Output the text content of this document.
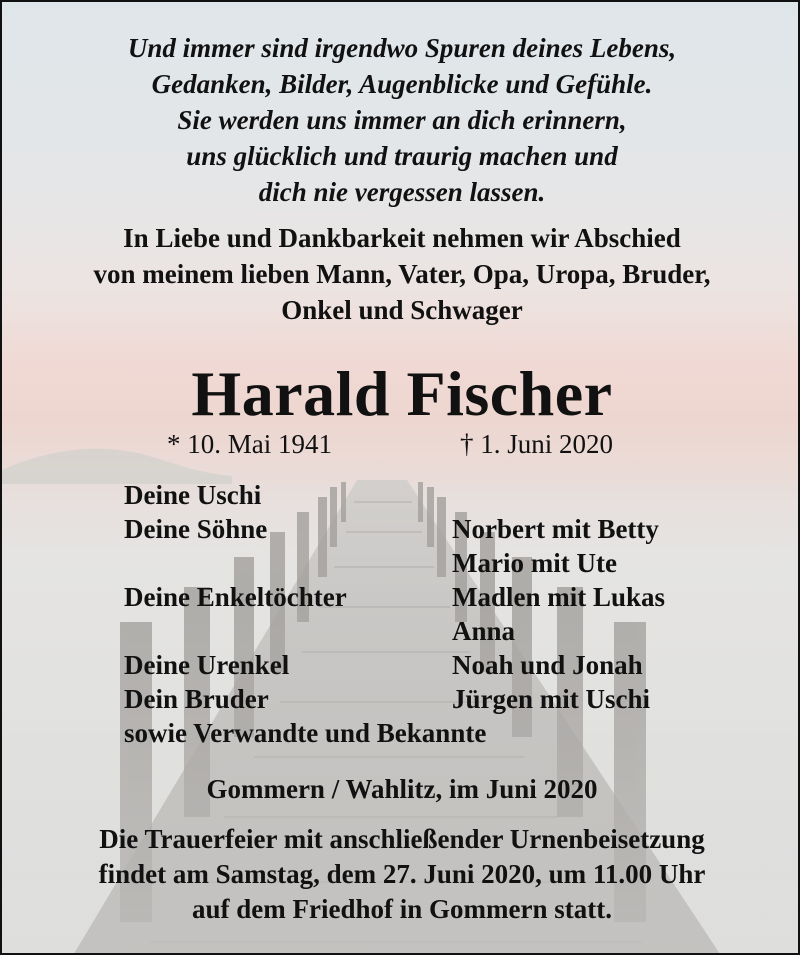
Und immer sind irgendwo Spuren deines Lebens,
Gedanken, Bilder, Augenblicke und Gefühle.
Sie werden uns immer an dich erinnern,
uns glücklich und traurig machen und
dich nie vergessen lassen.
In Liebe und Dankbarkeit nehmen wir Abschied
von meinem lieben Mann, Vater, Opa, Uropa, Bruder,
Onkel und Schwager
Harald Fischer
* 10. Mai 1941	† 1. Juni 2020
Deine Uschi
Deine Söhne	Norbert mit Betty
Mario mit Ute
Deine Enkeltöchter	Madlen mit Lukas
Anna
Deine Urenkel	Noah und Jonah
Dein Bruder	Jürgen mit Uschi
sowie Verwandte und Bekannte
Gommern / Wahlitz, im Juni 2020
Die Trauerfeier mit anschließender Urnenbeisetzung
findet am Samstag, dem 27. Juni 2020, um 11.00 Uhr
auf dem Friedhof in Gommern statt.
